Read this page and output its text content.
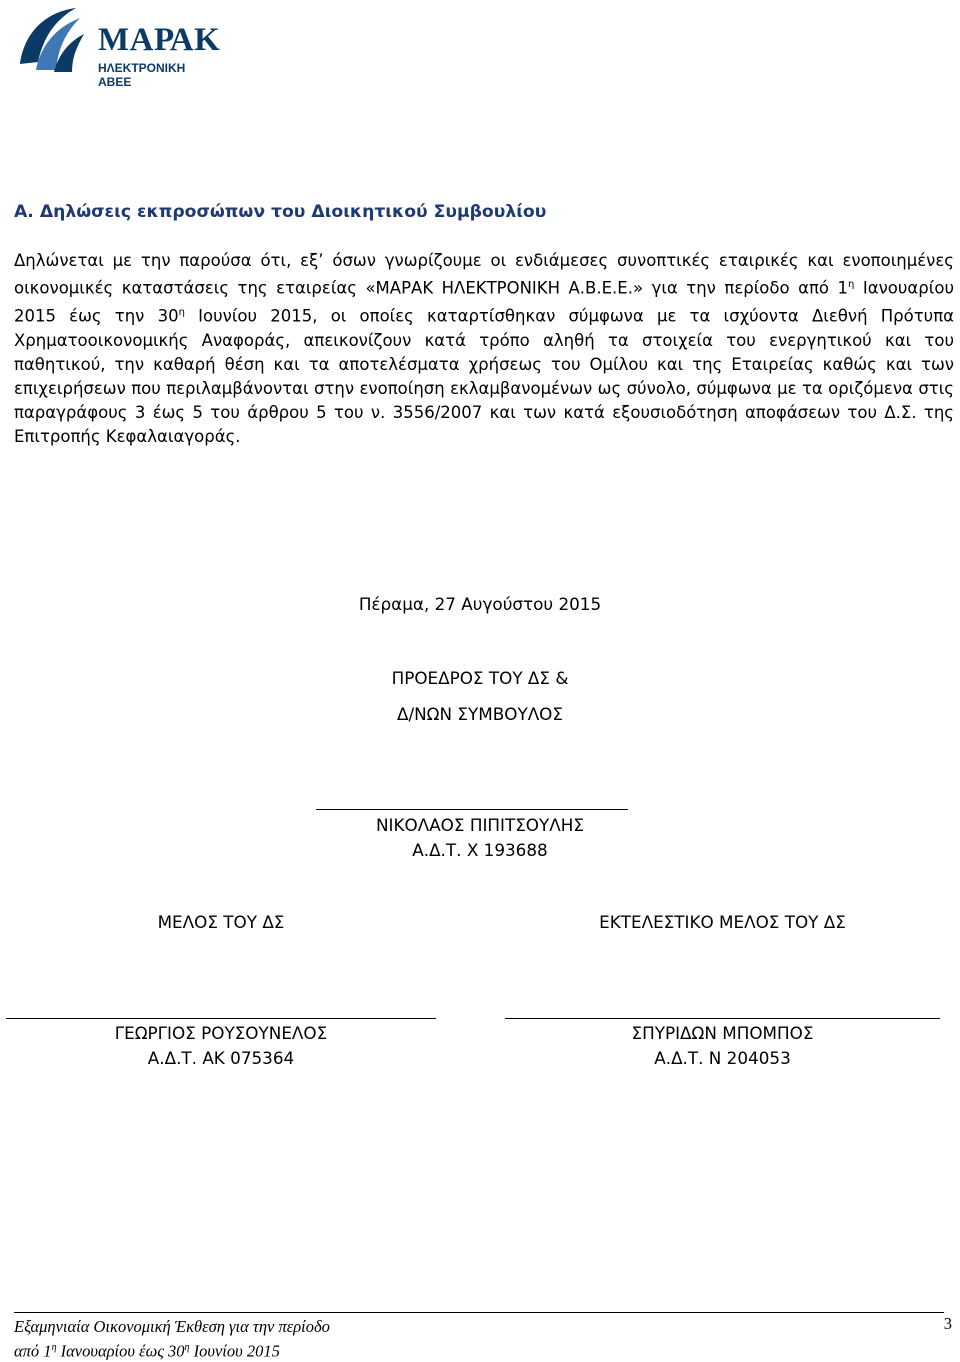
ΜΑΡΑΚ
ΗΛΕΚΤΡΟΝΙΚΗ ΑΒΕΕ
Α. Δηλώσεις εκπροσώπων του Διοικητικού Συμβουλίου
Δηλώνεται με την παρούσα ότι, εξ’ όσων γνωρίζουμε οι ενδιάμεσες συνοπτικές εταιρικές και ενοποιημένες οικονομικές καταστάσεις της εταιρείας «ΜΑΡΑΚ ΗΛΕΚΤΡΟΝΙΚΗ Α.Β.Ε.Ε.» για την περίοδο από $1^\eta$ Ιανουαρίου 2015 έως την $30^\eta$ Ιουνίου 2015, οι οποίες καταρτίσθηκαν σύμφωνα με τα ισχύοντα Διεθνή Πρότυπα Χρηματοοικονομικής Αναφοράς, απεικονίζουν κατά τρόπο αληθή τα στοιχεία του ενεργητικού και του παθητικού, την καθαρή θέση και τα αποτελέσματα χρήσεως του Ομίλου και της Εταιρείας καθώς και των επιχειρήσεων που περιλαμβάνονται στην ενοποίηση εκλαμβανομένων ως σύνολο, σύμφωνα με τα οριζόμενα στις παραγράφους 3 έως 5 του άρθρου 5 του ν. 3556/2007 και των κατά εξουσιοδότηση αποφάσεων του Δ.Σ. της Επιτροπής Κεφαλαιαγοράς.
Πέραμα, 27 Αυγούστου 2015
ΠΡΟΕΔΡΟΣ ΤΟΥ ΔΣ &
Δ/ΝΩΝ ΣΥΜΒΟΥΛΟΣ
ΝΙΚΟΛΑΟΣ ΠΙΠΙΤΣΟΥΛΗΣ
Α.Δ.Τ. Χ 193688
ΜΕΛΟΣ ΤΟΥ ΔΣ	ΕΚΤΕΛΕΣΤΙΚΟ ΜΕΛΟΣ ΤΟΥ ΔΣ
ΓΕΩΡΓΙΟΣ ΡΟΥΣΟΥΝΕΛΟΣ
Α.Δ.Τ. ΑΚ 075364
ΣΠΥΡΙΔΩΝ ΜΠΟΜΠΟΣ
Α.Δ.Τ. Ν 204053
Εξαμηνιαία Οικονομική Έκθεση για την περίοδο
από $1^\eta$ Ιανουαρίου έως $30^\eta$ Ιουνίου 2015
3
